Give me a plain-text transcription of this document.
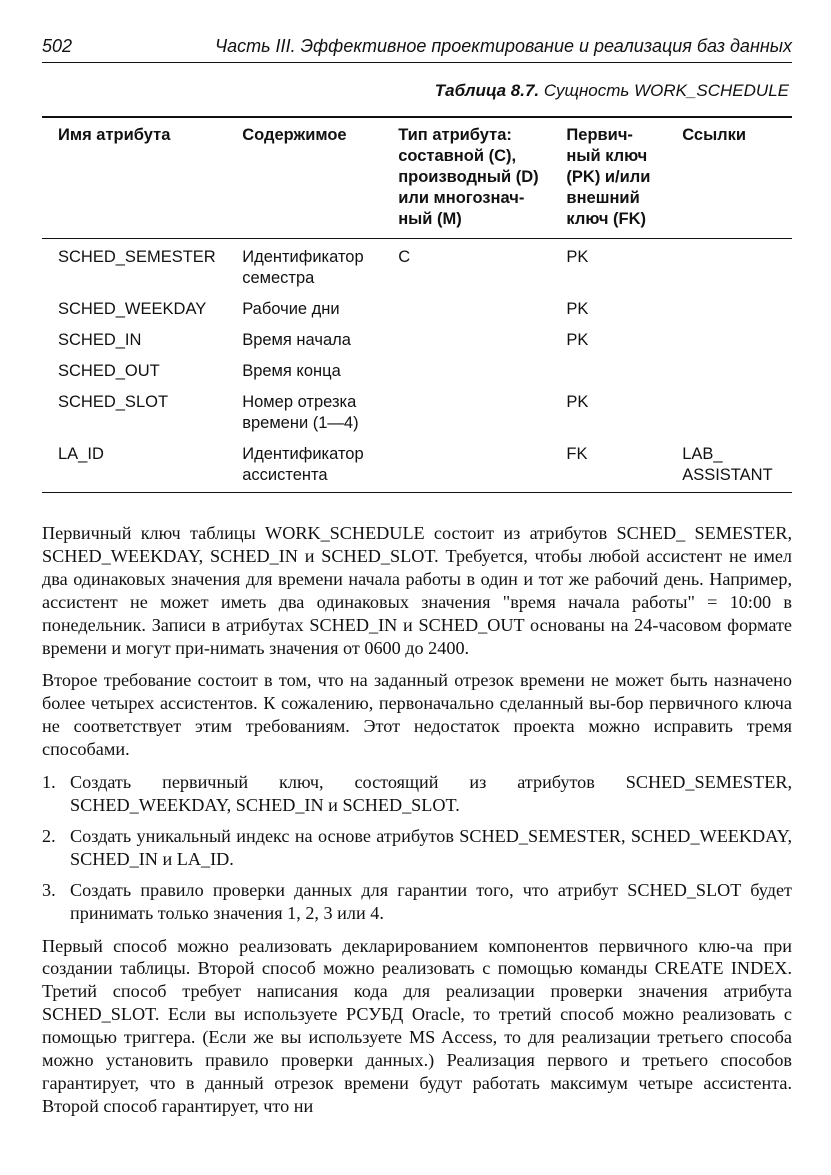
502	Часть III. Эффективное проектирование и реализация баз данных
Таблица 8.7. Сущность WORK_SCHEDULE
Имя атрибута	Содержимое	Тип атрибута: составной (С), производный (D) или многознач-ный (М)	Первич-ный ключ (PK) и/или внешний ключ (FK)	Ссылки
SCHED_SEMESTER	Идентификатор семестра	С	PK	
SCHED_WEEKDAY	Рабочие дни		PK	
SCHED_IN	Время начала		PK	
SCHED_OUT	Время конца			
SCHED_SLOT	Номер отрезка времени (1—4)		PK	
LA_ID	Идентификатор ассистента		FK	LAB_ ASSISTANT

Первичный ключ таблицы WORK_SCHEDULE состоит из атрибутов SCHED_ SEMESTER, SCHED_WEEKDAY, SCHED_IN и SCHED_SLOT. Требуется, чтобы любой ассистент не имел два одинаковых значения для времени начала работы в один и тот же рабочий день. Например, ассистент не может иметь два одинаковых значения "время начала работы" = 10:00 в понедельник. Записи в атрибутах SCHED_IN и SCHED_OUT основаны на 24-часовом формате времени и могут при-нимать значения от 0600 до 2400.

Второе требование состоит в том, что на заданный отрезок времени не может быть назначено более четырех ассистентов. К сожалению, первоначально сделанный вы-бор первичного ключа не соответствует этим требованиям. Этот недостаток проекта можно исправить тремя способами.

1. Создать первичный ключ, состоящий из атрибутов SCHED_SEMESTER, SCHED_WEEKDAY, SCHED_IN и SCHED_SLOT.
2. Создать уникальный индекс на основе атрибутов SCHED_SEMESTER, SCHED_WEEKDAY, SCHED_IN и LA_ID.
3. Создать правило проверки данных для гарантии того, что атрибут SCHED_SLOT будет принимать только значения 1, 2, 3 или 4.

Первый способ можно реализовать декларированием компонентов первичного клю-ча при создании таблицы. Второй способ можно реализовать с помощью команды CREATE INDEX. Третий способ требует написания кода для реализации проверки значения атрибута SCHED_SLOT. Если вы используете РСУБД Oracle, то третий способ можно реализовать с помощью триггера. (Если же вы используете MS Access, то для реализации третьего способа можно установить правило проверки данных.) Реализация первого и третьего способов гарантирует, что в данный отрезок времени будут работать максимум четыре ассистента. Второй способ гарантирует, что ни
